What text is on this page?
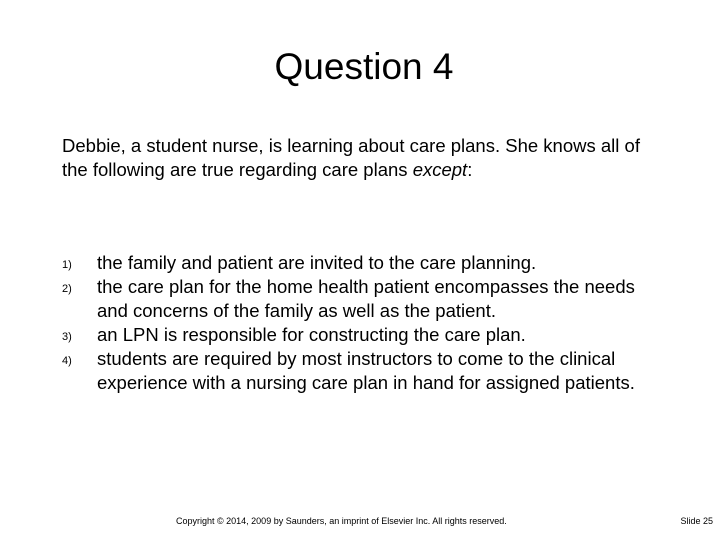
Question 4

Debbie, a student nurse, is learning about care plans. She knows all of the following are true regarding care plans except:

1) the family and patient are invited to the care planning.
2) the care plan for the home health patient encompasses the needs and concerns of the family as well as the patient.
3) an LPN is responsible for constructing the care plan.
4) students are required by most instructors to come to the clinical experience with a nursing care plan in hand for assigned patients.
Copyright © 2014, 2009 by Saunders, an imprint of Elsevier Inc. All rights reserved.	Slide 25
